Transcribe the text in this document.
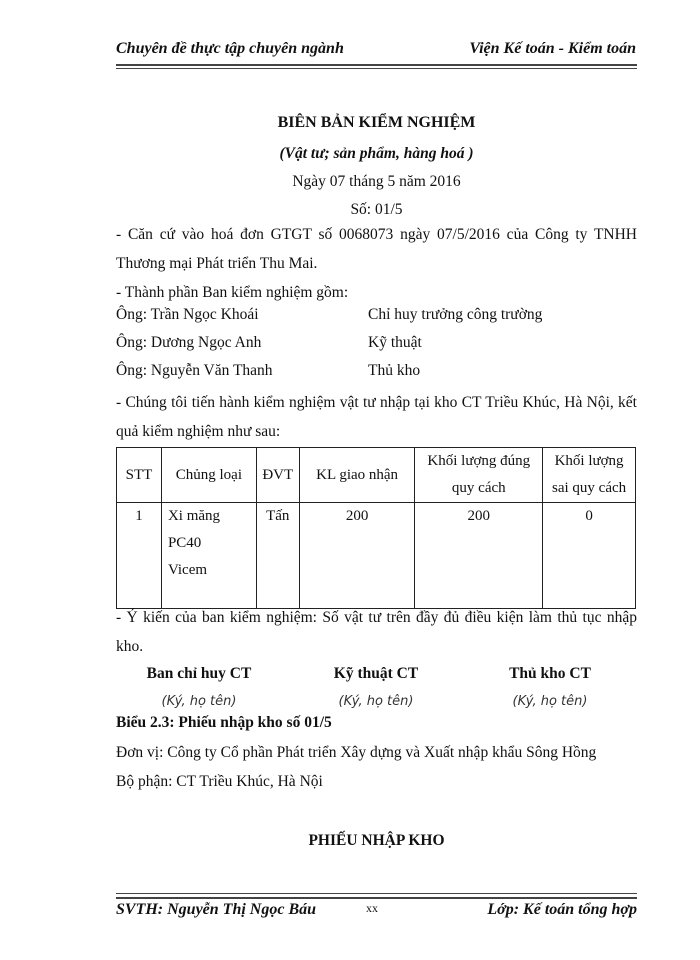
Chuyên đề thực tập chuyên ngành	Viện Kế toán - Kiểm toán
BIÊN BẢN KIỂM NGHIỆM
(Vật tư; sản phẩm, hàng hoá )
Ngày 07 tháng 5 năm 2016
Số: 01/5
- Căn cứ vào hoá đơn GTGT số 0068073 ngày 07/5/2016 của Công ty TNHH Thương mại Phát triển Thu Mai.
- Thành phần Ban kiểm nghiệm gồm:
Ông: Trần Ngọc Khoái	Chỉ huy trưởng công trường
Ông: Dương Ngọc Anh	Kỹ thuật
Ông: Nguyễn Văn Thanh	Thủ kho
- Chúng tôi tiến hành kiểm nghiệm vật tư nhập tại kho CT Triều Khúc, Hà Nội, kết quả kiểm nghiệm như sau:
STT	Chủng loại	ĐVT	KL giao nhận	Khối lượng đúng quy cách	Khối lượng sai quy cách
1	Xi măng
PC40
Vicem	Tấn	200	200	0
- Ý kiến của ban kiểm nghiệm: Số vật tư trên đầy đủ điều kiện làm thủ tục nhập kho.
Ban chỉ huy CT
(Ký, họ tên)
Kỹ thuật CT
(Ký, họ tên)
Thủ kho CT
(Ký, họ tên)
Biểu 2.3: Phiếu nhập kho số 01/5
Đơn vị: Công ty Cổ phần Phát triển Xây dựng và Xuất nhập khẩu Sông Hồng
Bộ phận: CT Triều Khúc, Hà Nội
PHIẾU NHẬP KHO
SVTH: Nguyễn Thị Ngọc Báu	xx	Lớp: Kế toán tổng hợp
